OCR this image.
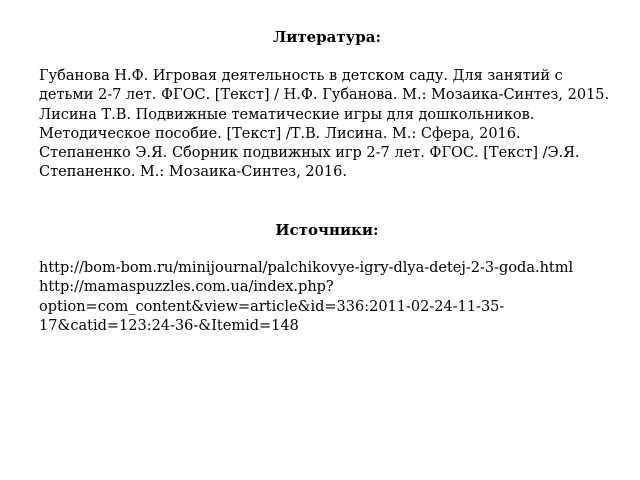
Литература:
Губанова Н.Ф. Игровая деятельность в детском саду. Для занятий с детьми 2-7 лет. ФГОС. [Текст] / Н.Ф. Губанова. М.: Мозаика-Синтез, 2015.
Лисина Т.В. Подвижные тематические игры для дошкольников. Методическое пособие. [Текст] /Т.В. Лисина. М.: Сфера, 2016.
Степаненко Э.Я. Сборник подвижных игр 2-7 лет. ФГОС. [Текст] /Э.Я. Степаненко. М.: Мозаика-Синтез, 2016.
Источники:
http://bom-bom.ru/minijournal/palchikovye-igry-dlya-detej-2-3-goda.html
http://mamaspuzzles.com.ua/index.php?option=com_content&view=article&id=336:2011-02-24-11-35-17&catid=123:24-36-&Itemid=148
